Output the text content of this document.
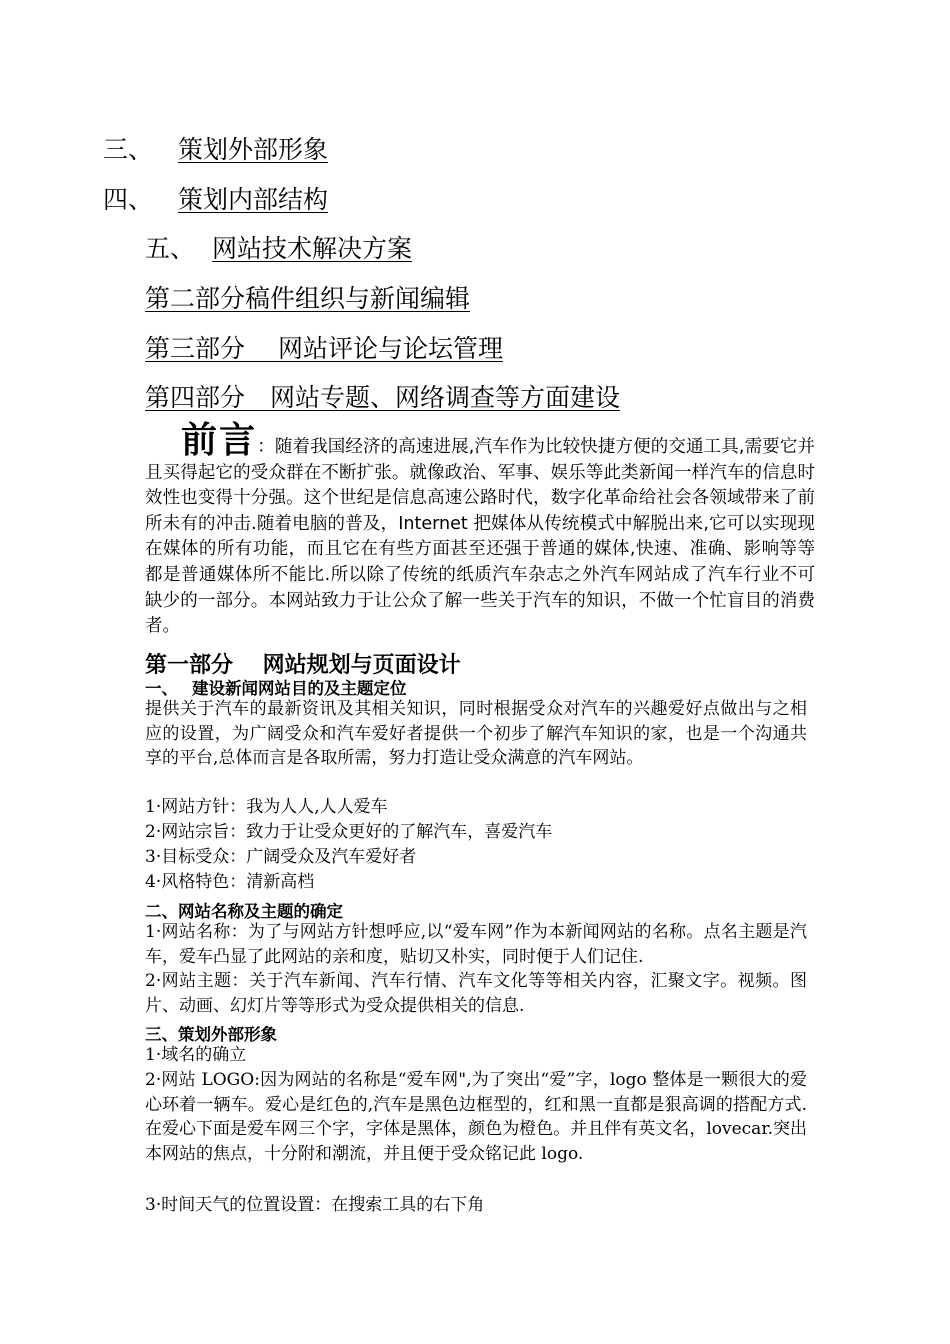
三、 策划外部形象
四、 策划内部结构
五、 网站技术解决方案
第二部分稿件组织与新闻编辑
第三部分　 网站评论与论坛管理
第四部分　网站专题、网络调查等方面建设
前言：随着我国经济的高速进展,汽车作为比较快捷方便的交通工具,需要它并且买得起它的受众群在不断扩张。就像政治、军事、娱乐等此类新闻一样汽车的信息时效性也变得十分强。这个世纪是信息高速公路时代，数字化革命给社会各领域带来了前所未有的冲击.随着电脑的普及，Internet 把媒体从传统模式中解脱出来,它可以实现现在媒体的所有功能，而且它在有些方面甚至还强于普通的媒体,快速、准确、影响等等都是普通媒体所不能比.所以除了传统的纸质汽车杂志之外汽车网站成了汽车行业不可缺少的一部分。本网站致力于让公众了解一些关于汽车的知识，不做一个忙盲目的消费者。
第一部分　 网站规划与页面设计
一、　 建设新闻网站目的及主题定位
提供关于汽车的最新资讯及其相关知识，同时根据受众对汽车的兴趣爱好点做出与之相应的设置，为广阔受众和汽车爱好者提供一个初步了解汽车知识的家，也是一个沟通共享的平台,总体而言是各取所需，努力打造让受众满意的汽车网站。
1·网站方针：我为人人,人人爱车
2·网站宗旨：致力于让受众更好的了解汽车，喜爱汽车
3·目标受众：广阔受众及汽车爱好者
4·风格特色：清新高档
二、网站名称及主题的确定
1·网站名称：为了与网站方针想呼应,以“爱车网”作为本新闻网站的名称。点名主题是汽车，爱车凸显了此网站的亲和度，贴切又朴实，同时便于人们记住.
2·网站主题：关于汽车新闻、汽车行情、汽车文化等等相关内容，汇聚文字。视频。图片、动画、幻灯片等等形式为受众提供相关的信息.
三、策划外部形象
1·域名的确立
2·网站 LOGO:因为网站的名称是“爱车网",为了突出“爱”字，logo 整体是一颗很大的爱心环着一辆车。爱心是红色的,汽车是黑色边框型的，红和黑一直都是狠高调的搭配方式.在爱心下面是爱车网三个字，字体是黑体，颜色为橙色。并且伴有英文名，lovecar.突出本网站的焦点，十分附和潮流，并且便于受众铭记此 logo.
3·时间天气的位置设置：在搜索工具的右下角
